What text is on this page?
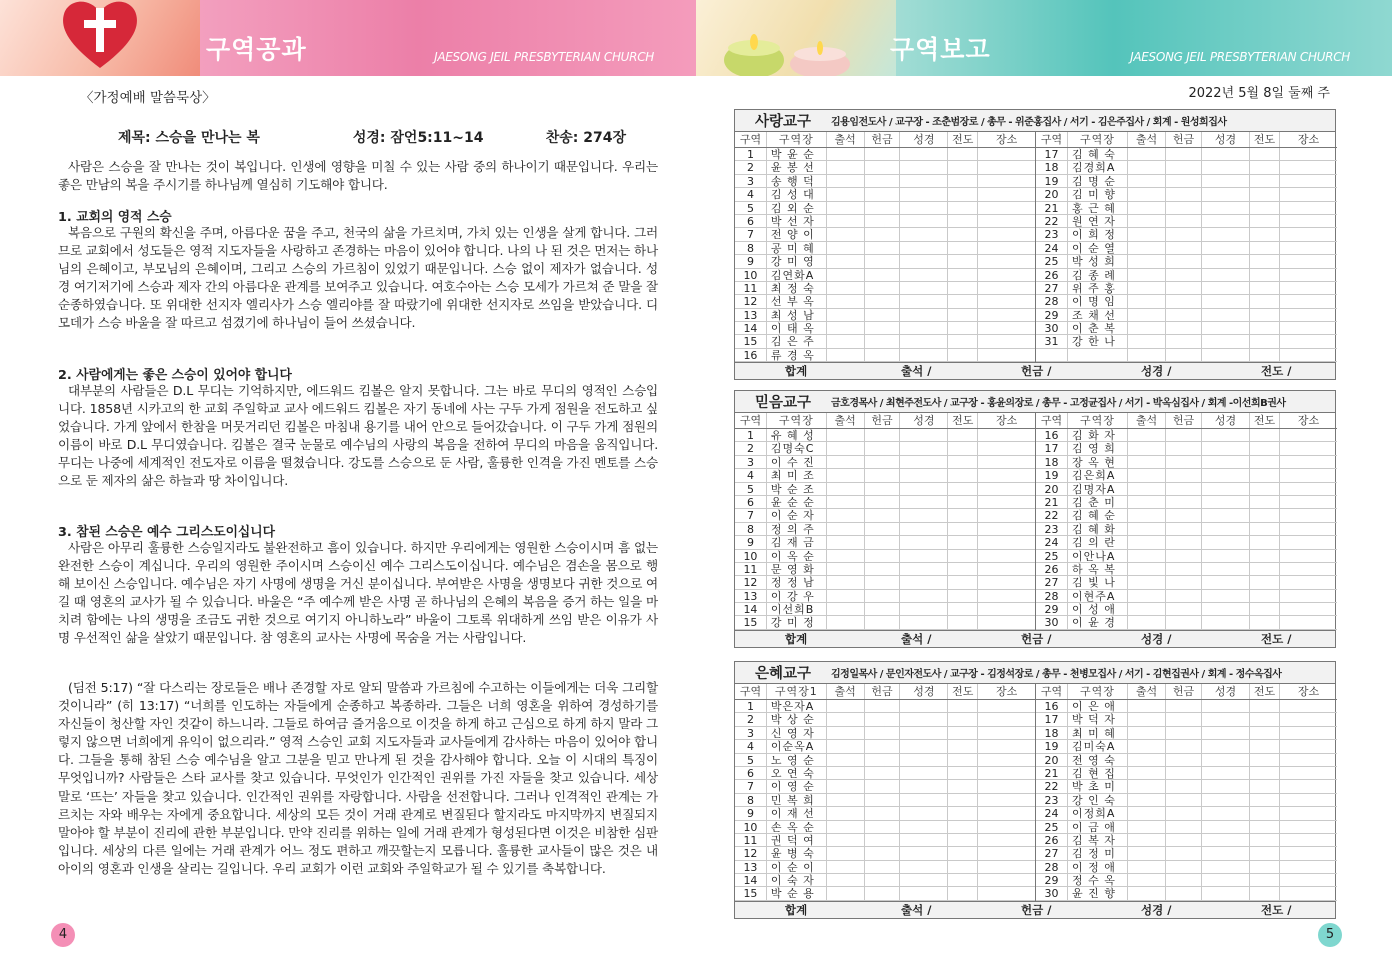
구역공과	JAESONG JEIL PRESBYTERIAN CHURCH	구역보고	JAESONG JEIL PRESBYTERIAN CHURCH
〈가정예배 말씀묵상〉
제목: 스승을 만나는 복	성경: 잠언5:11~14	찬송: 274장
사람은 스승을 잘 만나는 것이 복입니다. 인생에 영향을 미칠 수 있는 사람 중의 하나이기 때문입니다. 우리는 좋은 만남의 복을 주시기를 하나님께 열심히 기도해야 합니다.
1. 교회의 영적 스승
복음으로 구원의 확신을 주며, 아름다운 꿈을 주고, 천국의 삶을 가르치며, 가치 있는 인생을 살게 합니다. 그러므로 교회에서 성도들은 영적 지도자들을 사랑하고 존경하는 마음이 있어야 합니다. 나의 나 된 것은 먼저는 하나님의 은혜이고, 부모님의 은혜이며, 그리고 스승의 가르침이 있었기 때문입니다. 스승 없이 제자가 없습니다. 성경 여기저기에 스승과 제자 간의 아름다운 관계를 보여주고 있습니다. 여호수아는 스승 모세가 가르쳐 준 말을 잘 순종하였습니다. 또 위대한 선지자 엘리사가 스승 엘리야를 잘 따랐기에 위대한 선지자로 쓰임을 받았습니다. 디모데가 스승 바울을 잘 따르고 섬겼기에 하나님이 들어 쓰셨습니다.
2. 사람에게는 좋은 스승이 있어야 합니다
대부분의 사람들은 D.L 무디는 기억하지만, 에드워드 킴볼은 알지 못합니다. 그는 바로 무디의 영적인 스승입니다. 1858년 시카고의 한 교회 주일학교 교사 에드워드 킴볼은 자기 동네에 사는 구두 가게 점원을 전도하고 싶었습니다. 가게 앞에서 한참을 머뭇거리던 킴볼은 마침내 용기를 내어 안으로 들어갔습니다. 이 구두 가게 점원의 이름이 바로 D.L 무디였습니다. 킴볼은 결국 눈물로 예수님의 사랑의 복음을 전하여 무디의 마음을 움직입니다. 무디는 나중에 세계적인 전도자로 이름을 떨쳤습니다. 강도를 스승으로 둔 사람, 훌륭한 인격을 가진 멘토를 스승으로 둔 제자의 삶은 하늘과 땅 차이입니다.
3. 참된 스승은 예수 그리스도이십니다
사람은 아무리 훌륭한 스승일지라도 불완전하고 흠이 있습니다. 하지만 우리에게는 영원한 스승이시며 흠 없는 완전한 스승이 계십니다. 우리의 영원한 주이시며 스승이신 예수 그리스도이십니다. 예수님은 겸손을 몸으로 행해 보이신 스승입니다. 예수님은 자기 사명에 생명을 거신 분이십니다. 부여받은 사명을 생명보다 귀한 것으로 여길 때 영혼의 교사가 될 수 있습니다. 바울은 “주 예수께 받은 사명 곧 하나님의 은혜의 복음을 증거 하는 일을 마치려 함에는 나의 생명을 조금도 귀한 것으로 여기지 아니하노라” 바울이 그토록 위대하게 쓰임 받은 이유가 사명 우선적인 삶을 살았기 때문입니다. 참 영혼의 교사는 사명에 목숨을 거는 사람입니다.
(딤전 5:17) “잘 다스리는 장로들은 배나 존경할 자로 알되 말씀과 가르침에 수고하는 이들에게는 더욱 그리할 것이니라” (히 13:17) “너희를 인도하는 자들에게 순종하고 복종하라. 그들은 너희 영혼을 위하여 경성하기를 자신들이 청산할 자인 것같이 하느니라. 그들로 하여금 즐거움으로 이것을 하게 하고 근심으로 하게 하지 말라 그렇지 않으면 너희에게 유익이 없으리라.” 영적 스승인 교회 지도자들과 교사들에게 감사하는 마음이 있어야 합니다. 그들을 통해 참된 스승 예수님을 알고 그분을 믿고 만나게 된 것을 감사해야 합니다. 오늘 이 시대의 특징이 무엇입니까? 사람들은 스타 교사를 찾고 있습니다. 무엇인가 인간적인 권위를 가진 자들을 찾고 있습니다. 세상 말로 ‘뜨는’ 자들을 찾고 있습니다. 인간적인 권위를 자랑합니다. 사람을 선전합니다. 그러나 인격적인 관계는 가르치는 자와 배우는 자에게 중요합니다. 세상의 모든 것이 거래 관계로 변질된다 할지라도 마지막까지 변질되지 말아야 할 부분이 진리에 관한 부분입니다. 만약 진리를 위하는 일에 거래 관계가 형성된다면 이것은 비참한 심판입니다. 세상의 다른 일에는 거래 관계가 어느 정도 편하고 깨끗할는지 모릅니다. 훌륭한 교사들이 많은 것은 내 아이의 영혼과 인생을 살리는 길입니다. 우리 교회가 이런 교회와 주일학교가 될 수 있기를 축복합니다.
2022년 5월 8일 둘째 주
사랑교구	김용임전도사 / 교구장 - 조춘범장로 / 총무 - 위준홍집사 / 서기 - 김은주집사 / 회계 - 원성희집사
구역	구역장	출석	헌금	성경	전도	장소
1	박 윤 순
2	윤 봉 선
3	송 행 덕
4	김 성 대
5	김 외 순
6	박 선 자
7	전 양 이
8	공 미 혜
9	강 미 영
10	김연화A
11	최 정 숙
12	선 부 옥
13	최 성 남
14	이 태 옥
15	김 은 주
16	류 경 옥
구역	구역장	출석	헌금	성경	전도	장소
17	김 혜 숙
18	김경희A
19	김 명 순
20	김 미 향
21	홍 근 혜
22	원 연 자
23	이 희 정
24	이 순 열
25	박 성 희
26	김 종 례
27	위 주 홍
28	이 명 임
29	조 채 선
30	이 춘 복
31	강 한 나
합계	출석 /	헌금 /	성경 /	전도 /
믿음교구	금호경목사 / 최현주전도사 / 교구장 - 홍윤의장로 / 총무 - 고정균집사 / 서기 - 박옥심집사 / 회계 -이선희B권사
구역	구역장	출석	헌금	성경	전도	장소
1	유 혜 성
2	김명숙C
3	이 수 진
4	최 미 조
5	박 순 조
6	윤 순 순
7	이 순 자
8	정 의 주
9	김 재 금
10	이 옥 순
11	문 영 화
12	정 정 남
13	이 강 우
14	이선희B
15	강 미 정
구역	구역장	출석	헌금	성경	전도	장소
16	김 화 자
17	김 영 희
18	장 옥 현
19	김은희A
20	김명자A
21	김 춘 미
22	김 혜 순
23	김 혜 화
24	김 의 란
25	이안나A
26	하 옥 복
27	김 빛 나
28	이현주A
29	이 성 애
30	이 윤 경
합계	출석 /	헌금 /	성경 /	전도 /
은혜교구	김정일목사 / 문인자전도사 / 교구장 - 김정석장로 / 총무 - 천병모집사 / 서기 - 김현집권사 / 회계 - 정수옥집사
구역	구역장1	출석	헌금	성경	전도	장소
1	박은자A
2	박 상 순
3	신 영 자
4	이순옥A
5	노 영 순
6	오 연 숙
7	이 영 순
8	민 복 희
9	이 재 선
10	손 옥 순
11	권 덕 여
12	윤 병 숙
13	이 순 이
14	이 숙 자
15	박 순 용
구역	구역장	출석	헌금	성경	전도	장소
16	이 은 애
17	박 덕 자
18	최 미 혜
19	김미숙A
20	전 영 숙
21	김 현 집
22	박 초 미
23	강 인 숙
24	이정희A
25	이 금 애
26	김 복 자
27	김 정 미
28	이 정 애
29	정 수 옥
30	윤 진 향
합계	출석 /	헌금 /	성경 /	전도 /
4	5
